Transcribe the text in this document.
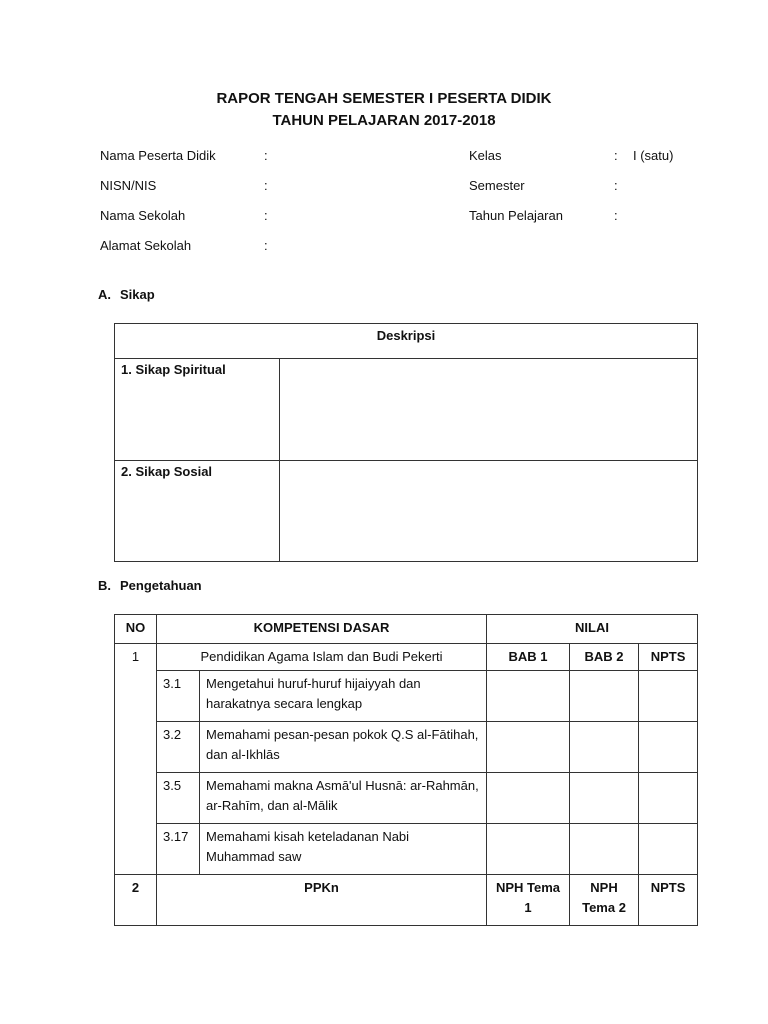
RAPOR TENGAH SEMESTER I PESERTA DIDIK
TAHUN PELAJARAN 2017-2018
Nama Peserta Didik	:
NISN/NIS	:
Nama Sekolah	:
Alamat Sekolah	:
Kelas	: I (satu)
Semester	:
Tahun Pelajaran	:
A. Sikap
Deskripsi	
1. Sikap Spiritual	
2. Sikap Sosial	
B. Pengetahuan
NO	KOMPETENSI DASAR		NILAI		
1	Pendidikan Agama Islam dan Budi Pekerti		BAB 1	BAB 2	NPTS
	3.1	Mengetahui huruf-huruf hijaiyyah dan harakatnya secara lengkap			
	3.2	Memahami pesan-pesan pokok Q.S al-Fātihah, dan al-Ikhlās			
	3.5	Memahami makna Asmā'ul Husnā: ar-Rahmān, ar-Rahīm, dan al-Mālik			
	3.17	Memahami kisah keteladanan Nabi Muhammad saw			
2	PPKn		NPH Tema 1	NPH Tema 2	NPTS
